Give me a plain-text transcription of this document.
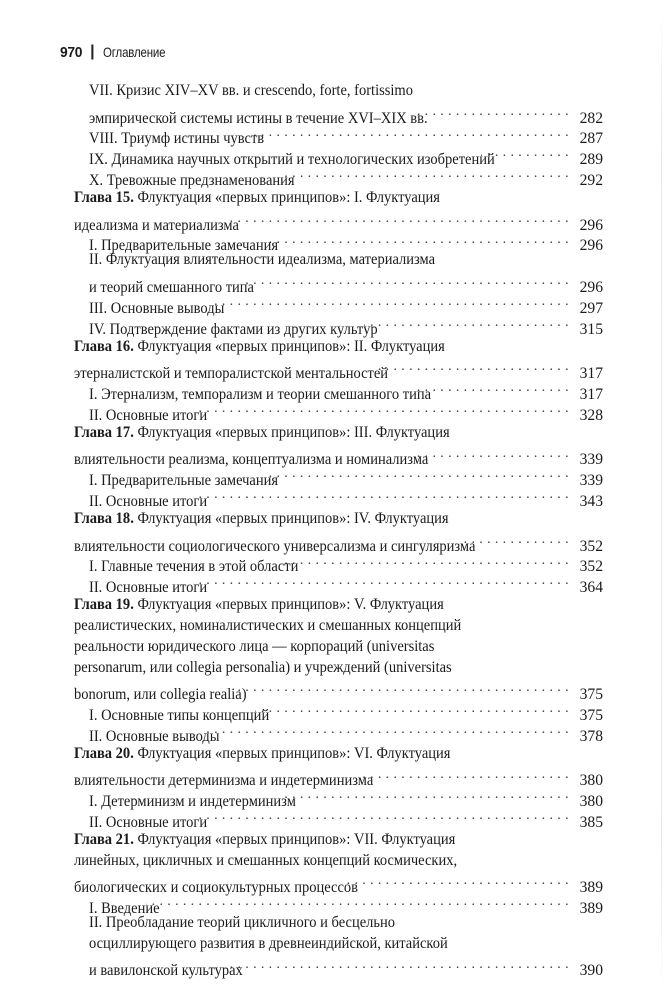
970 | Оглавление
VII. Кризис XIV–XV вв. и crescendo, forte, fortissimo
эмпирической системы истины в течение XVI–XIX вв. . . .	282
VIII. Триумф истины чувств . . .	287
IX. Динамика научных открытий и технологических изобретений . . .	289
X. Тревожные предзнаменования . . .	292
Глава 15. Флуктуация «первых принципов»: I. Флуктуация
идеализма и материализма . . .	296
I. Предварительные замечания . . .	296
II. Флуктуация влиятельности идеализма, материализма
и теорий смешанного типа . . .	296
III. Основные выводы . . .	297
IV. Подтверждение фактами из других культур . . .	315
Глава 16. Флуктуация «первых принципов»: II. Флуктуация
этерналистской и темпоралистской ментальностей . . .	317
I. Этернализм, темпорализм и теории смешанного типа . . .	317
II. Основные итоги . . .	328
Глава 17. Флуктуация «первых принципов»: III. Флуктуация
влиятельности реализма, концептуализма и номинализма . . .	339
I. Предварительные замечания . . .	339
II. Основные итоги . . .	343
Глава 18. Флуктуация «первых принципов»: IV. Флуктуация
влиятельности социологического универсализма и сингуляризма . . .	352
I. Главные течения в этой области . . .	352
II. Основные итоги . . .	364
Глава 19. Флуктуация «первых принципов»: V. Флуктуация
реалистических, номиналистических и смешанных концепций
реальности юридического лица — корпораций (universitas
personarum, или collegia personalia) и учреждений (universitas
bonorum, или collegia realia) . . .	375
I. Основные типы концепций . . .	375
II. Основные выводы . . .	378
Глава 20. Флуктуация «первых принципов»: VI. Флуктуация
влиятельности детерминизма и индетерминизма . . .	380
I. Детерминизм и индетерминизм . . .	380
II. Основные итоги . . .	385
Глава 21. Флуктуация «первых принципов»: VII. Флуктуация
линейных, цикличных и смешанных концепций космических,
биологических и социокультурных процессов . . .	389
I. Введение . . .	389
II. Преобладание теорий цикличного и бесцельно
осциллирующего развития в древнеиндийской, китайской
и вавилонской культурах . . .	390
